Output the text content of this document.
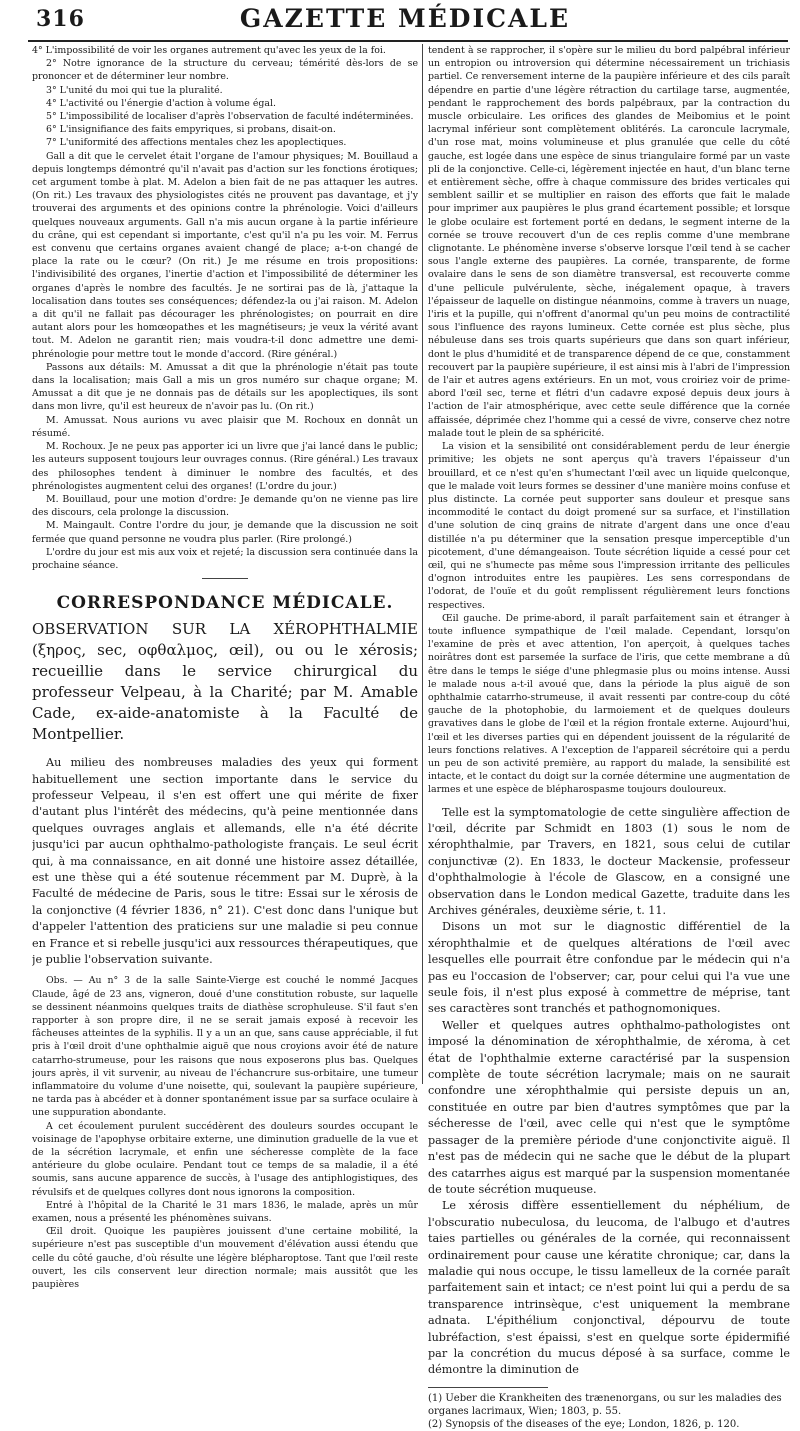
316	GAZETTE MÉDICALE

4° L'impossibilité de voir les organes autrement qu'avec les yeux de la foi.

2° Notre ignorance de la structure du cerveau; témérité dès-lors de se prononcer et de déterminer leur nombre.

3° L'unité du moi qui tue la pluralité.

4° L'activité ou l'énergie d'action à volume égal.

5° L'impossibilité de localiser d'après l'observation de faculté indéterminées.

6° L'insignifiance des faits empyriques, si probans, disait-on.

7° L'uniformité des affections mentales chez les apoplectiques.

Gall a dit que le cervelet était l'organe de l'amour physiques; M. Bouillaud a depuis longtemps démontré qu'il n'avait pas d'action sur les fonctions érotiques; cet argument tombe à plat. M. Adelon a bien fait de ne pas attaquer les autres. (On rit.) Les travaux des physiologistes cités ne prouvent pas davantage, et j'y trouverai des arguments et des opinions contre la phrénologie. Voici d'ailleurs quelques nouveaux arguments. Gall n'a mis aucun organe à la partie inférieure du crâne, qui est cependant si importante, c'est qu'il n'a pu les voir. M. Ferrus est convenu que certains organes avaient changé de place; a-t-on changé de place la rate ou le cœur? (On rit.) Je me résume en trois propositions: l'indivisibilité des organes, l'inertie d'action et l'impossibilité de déterminer les organes d'après le nombre des facultés. Je ne sortirai pas de là, j'attaque la localisation dans toutes ses conséquences; défendez-la ou j'ai raison. M. Adelon a dit qu'il ne fallait pas décourager les phrénologistes; on pourrait en dire autant alors pour les homœopathes et les magnétiseurs; je veux la vérité avant tout. M. Adelon ne garantit rien; mais voudra-t-il donc admettre une demi-phrénologie pour mettre tout le monde d'accord. (Rire général.)

Passons aux détails: M. Amussat a dit que la phrénologie n'était pas toute dans la localisation; mais Gall a mis un gros numéro sur chaque organe; M. Amussat a dit que je ne donnais pas de détails sur les apoplectiques, ils sont dans mon livre, qu'il est heureux de n'avoir pas lu. (On rit.)

M. Amussat. Nous aurions vu avec plaisir que M. Rochoux en donnât un résumé.

M. Rochoux. Je ne peux pas apporter ici un livre que j'ai lancé dans le public; les auteurs supposent toujours leur ouvrages connus. (Rire général.) Les travaux des philosophes tendent à diminuer le nombre des facultés, et des phrénologistes augmentent celui des organes! (L'ordre du jour.)

M. Bouillaud, pour une motion d'ordre: Je demande qu'on ne vienne pas lire des discours, cela prolonge la discussion.

M. Maingault. Contre l'ordre du jour, je demande que la discussion ne soit fermée que quand personne ne voudra plus parler. (Rire prolongé.)

L'ordre du jour est mis aux voix et rejeté; la discussion sera continuée dans la prochaine séance.

CORRESPONDANCE MÉDICALE.

OBSERVATION SUR LA XÉROPHTHALMIE (ξηρος, sec, οφθαλμος, œil), ou ou le xérosis; recueillie dans le service chirurgical du professeur Velpeau, à la Charité; par M. Amable Cade, ex-aide-anatomiste à la Faculté de Montpellier.

Au milieu des nombreuses maladies des yeux qui forment habituellement une section importante dans le service du professeur Velpeau, il s'en est offert une qui mérite de fixer d'autant plus l'intérêt des médecins, qu'à peine mentionnée dans quelques ouvrages anglais et allemands, elle n'a été décrite jusqu'ici par aucun ophthalmo-pathologiste français. Le seul écrit qui, à ma connaissance, en ait donné une histoire assez détaillée, est une thèse qui a été soutenue récemment par M. Duprè, à la Faculté de médecine de Paris, sous le titre: Essai sur le xérosis de la conjonctive (4 février 1836, n° 21). C'est donc dans l'unique but d'appeler l'attention des praticiens sur une maladie si peu connue en France et si rebelle jusqu'ici aux ressources thérapeutiques, que je publie l'observation suivante.

Obs. — Au n° 3 de la salle Sainte-Vierge est couché le nommé Jacques Claude, âgé de 23 ans, vigneron, doué d'une constitution robuste, sur laquelle se dessinent néanmoins quelques traits de diathèse scrophuleuse. S'il faut s'en rapporter à son propre dire, il ne se serait jamais exposé à recevoir les fâcheuses atteintes de la syphilis. Il y a un an que, sans cause appréciable, il fut pris à l'œil droit d'une ophthalmie aiguë que nous croyions avoir été de nature catarrho-strumeuse, pour les raisons que nous exposerons plus bas. Quelques jours après, il vit survenir, au niveau de l'échancrure sus-orbitaire, une tumeur inflammatoire du volume d'une noisette, qui, soulevant la paupière supérieure, ne tarda pas à abcéder et à donner spontanément issue par sa surface oculaire à une suppuration abondante.

A cet écoulement purulent succédèrent des douleurs sourdes occupant le voisinage de l'apophyse orbitaire externe, une diminution graduelle de la vue et de la sécrétion lacrymale, et enfin une sécheresse complète de la face antérieure du globe oculaire. Pendant tout ce temps de sa maladie, il a été soumis, sans aucune apparence de succès, à l'usage des antiphlogistiques, des révulsifs et de quelques collyres dont nous ignorons la composition.

Entré à l'hôpital de la Charité le 31 mars 1836, le malade, après un mûr examen, nous a présenté les phénomènes suivans.

Œil droit. Quoique les paupières jouissent d'une certaine mobilité, la supérieure n'est pas susceptible d'un mouvement d'élévation aussi étendu que celle du côté gauche, d'où résulte une légère blépharoptose. Tant que l'œil reste ouvert, les cils conservent leur direction normale; mais aussitôt que les paupières

tendent à se rapprocher, il s'opère sur le milieu du bord palpébral inférieur un entropion ou introversion qui détermine nécessairement un trichiasis partiel. Ce renversement interne de la paupière inférieure et des cils paraît dépendre en partie d'une légère rétraction du cartilage tarse, augmentée, pendant le rapprochement des bords palpébraux, par la contraction du muscle orbiculaire. Les orifices des glandes de Meibomius et le point lacrymal inférieur sont complètement oblitérés. La caroncule lacrymale, d'un rose mat, moins volumineuse et plus granulée que celle du côté gauche, est logée dans une espèce de sinus triangulaire formé par un vaste pli de la conjonctive. Celle-ci, légèrement injectée en haut, d'un blanc terne et entièrement sèche, offre à chaque commissure des brides verticales qui semblent saillir et se multiplier en raison des efforts que fait le malade pour imprimer aux paupières le plus grand écartement possible; et lorsque le globe oculaire est fortement porté en dedans, le segment interne de la cornée se trouve recouvert d'un de ces replis comme d'une membrane clignotante. Le phénomène inverse s'observe lorsque l'œil tend à se cacher sous l'angle externe des paupières. La cornée, transparente, de forme ovalaire dans le sens de son diamètre transversal, est recouverte comme d'une pellicule pulvérulente, sèche, inégalement opaque, à travers l'épaisseur de laquelle on distingue néanmoins, comme à travers un nuage, l'iris et la pupille, qui n'offrent d'anormal qu'un peu moins de contractilité sous l'influence des rayons lumineux. Cette cornée est plus sèche, plus nébuleuse dans ses trois quarts supérieurs que dans son quart inférieur, dont le plus d'humidité et de transparence dépend de ce que, constamment recouvert par la paupière supérieure, il est ainsi mis à l'abri de l'impression de l'air et autres agens extérieurs. En un mot, vous croiriez voir de prime-abord l'œil sec, terne et flétri d'un cadavre exposé depuis deux jours à l'action de l'air atmosphérique, avec cette seule différence que la cornée affaissée, déprimée chez l'homme qui a cessé de vivre, conserve chez notre malade tout le plein de sa sphéricité.

La vision et la sensibilité ont considérablement perdu de leur énergie primitive; les objets ne sont aperçus qu'à travers l'épaisseur d'un brouillard, et ce n'est qu'en s'humectant l'œil avec un liquide quelconque, que le malade voit leurs formes se dessiner d'une manière moins confuse et plus distincte. La cornée peut supporter sans douleur et presque sans incommodité le contact du doigt promené sur sa surface, et l'instillation d'une solution de cinq grains de nitrate d'argent dans une once d'eau distillée n'a pu déterminer que la sensation presque imperceptible d'un picotement, d'une démangeaison. Toute sécrétion liquide a cessé pour cet œil, qui ne s'humecte pas même sous l'impression irritante des pellicules d'ognon introduites entre les paupières. Les sens correspondans de l'odorat, de l'ouïe et du goût remplissent régulièrement leurs fonctions respectives.

Œil gauche. De prime-abord, il paraît parfaitement sain et étranger à toute influence sympathique de l'œil malade. Cependant, lorsqu'on l'examine de près et avec attention, l'on aperçoit, à quelques taches noirâtres dont est parsemée la surface de l'iris, que cette membrane a dû être dans le temps le siége d'une phlegmasie plus ou moins intense. Aussi le malade nous a-t-il avoué que, dans la période la plus aiguë de son ophthalmie catarrho-strumeuse, il avait ressenti par contre-coup du côté gauche de la photophobie, du larmoiement et de quelques douleurs gravatives dans le globe de l'œil et la région frontale externe. Aujourd'hui, l'œil et les diverses parties qui en dépendent jouissent de la régularité de leurs fonctions relatives. A l'exception de l'appareil sécrétoire qui a perdu un peu de son activité première, au rapport du malade, la sensibilité est intacte, et le contact du doigt sur la cornée détermine une augmentation de larmes et une espèce de blépharospasme toujours douloureux.

Telle est la symptomatologie de cette singulière affection de l'œil, décrite par Schmidt en 1803 (1) sous le nom de xérophthalmie, par Travers, en 1821, sous celui de cutilar conjunctivæ (2). En 1833, le docteur Mackensie, professeur d'ophthalmologie à l'école de Glascow, en a consigné une observation dans le London medical Gazette, traduite dans les Archives générales, deuxième série, t. 11.

Disons un mot sur le diagnostic différentiel de la xérophthalmie et de quelques altérations de l'œil avec lesquelles elle pourrait être confondue par le médecin qui n'a pas eu l'occasion de l'observer; car, pour celui qui l'a vue une seule fois, il n'est plus exposé à commettre de méprise, tant ses caractères sont tranchés et pathognomoniques.

Weller et quelques autres ophthalmo-pathologistes ont imposé la dénomination de xérophthalmie, de xéroma, à cet état de l'ophthalmie externe caractérisé par la suspension complète de toute sécrétion lacrymale; mais on ne saurait confondre une xérophthalmie qui persiste depuis un an, constituée en outre par bien d'autres symptômes que par la sécheresse de l'œil, avec celle qui n'est que le symptôme passager de la première période d'une conjonctivite aiguë. Il n'est pas de médecin qui ne sache que le début de la plupart des catarrhes aigus est marqué par la suspension momentanée de toute sécrétion muqueuse.

Le xérosis diffère essentiellement du néphélium, de l'obscuratio nubeculosa, du leucoma, de l'albugo et d'autres taies partielles ou générales de la cornée, qui reconnaissent ordinairement pour cause une kératite chronique; car, dans la maladie qui nous occupe, le tissu lamelleux de la cornée paraît parfaitement sain et intact; ce n'est point lui qui a perdu de sa transparence intrinsèque, c'est uniquement la membrane adnata. L'épithélium conjonctival, dépourvu de toute lubréfaction, s'est épaissi, s'est en quelque sorte épidermifié par la concrétion du mucus déposé à sa surface, comme le démontre la diminution de

(1) Ueber die Krankheiten des trænenorgans, ou sur les maladies des organes lacrimaux, Wien; 1803, p. 55.

(2) Synopsis of the diseases of the eye; London, 1826, p. 120.
